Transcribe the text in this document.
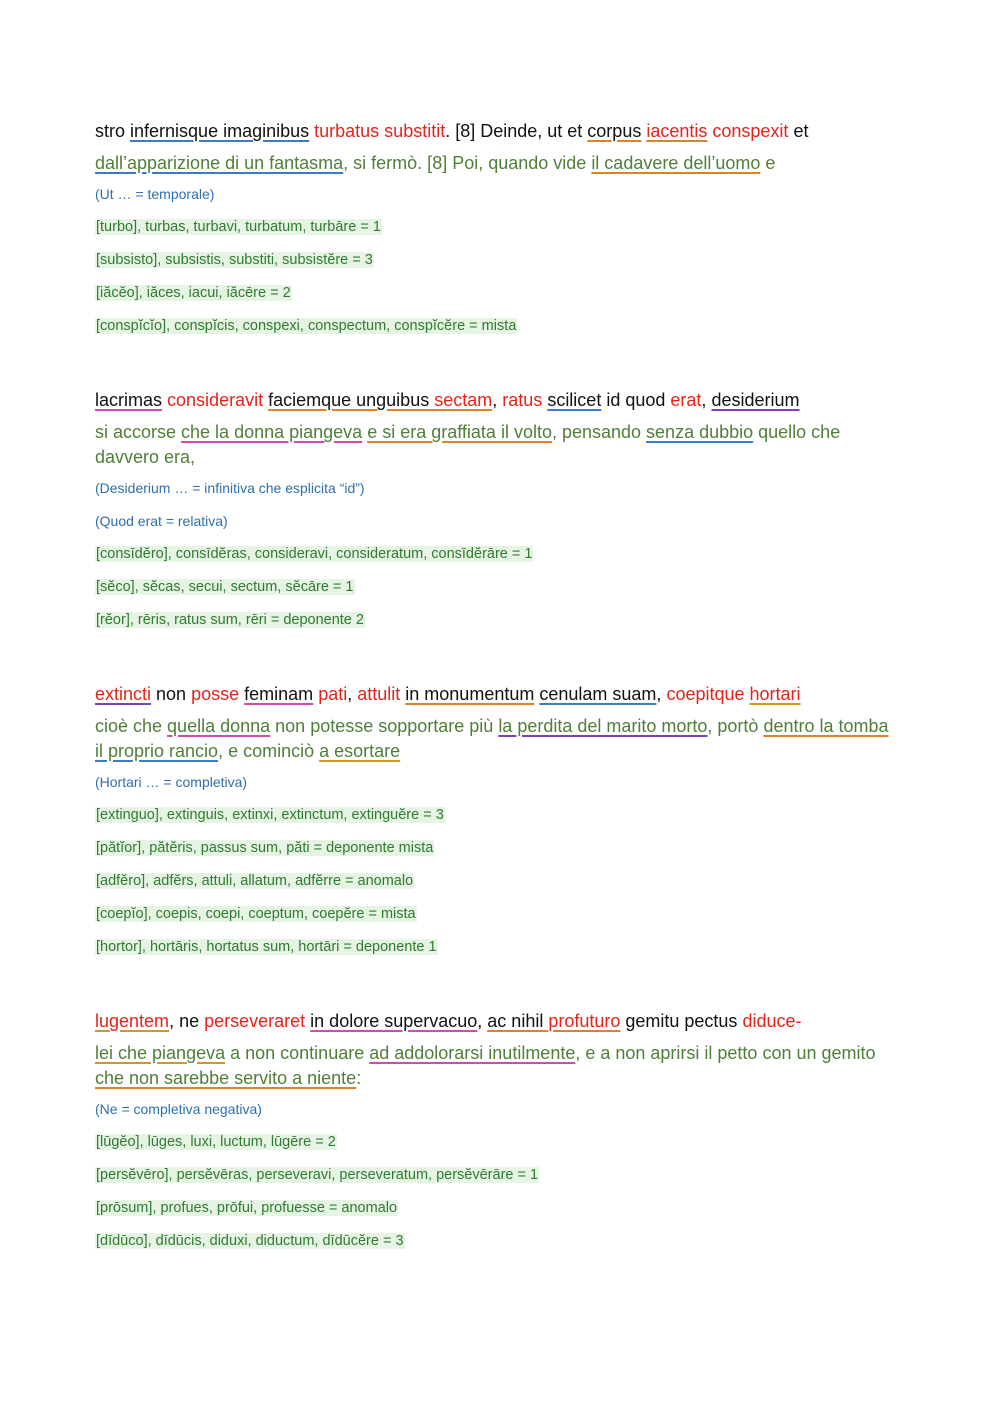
stro infernisque imaginibus turbatus substitit. [8] Deinde, ut et corpus iacentis conspexit et

dall’apparizione di un fantasma, si fermò. [8] Poi, quando vide il cadavere dell’uomo e

(Ut … = temporale)

[turbo], turbas, turbavi, turbatum, turbāre = 1

[subsisto], subsistis, substiti, subsistĕre = 3

[iăcĕo], iăces, iacui, iăcēre = 2

[conspĭcĭo], conspĭcis, conspexi, conspectum, conspĭcĕre = mista

lacrimas consideravit faciemque unguibus sectam, ratus scilicet id quod erat, desiderium

si accorse che la donna piangeva e si era graffiata il volto, pensando senza dubbio quello che davvero era,

(Desiderium … = infinitiva che esplicita “id”)

(Quod erat = relativa)

[consīdĕro], consīdĕras, consideravi, consideratum, consīdĕrāre = 1

[sĕco], sĕcas, secui, sectum, sĕcāre = 1

[rĕor], rēris, ratus sum, rēri = deponente 2

extincti non posse feminam pati, attulit in monumentum cenulam suam, coepitque hortari

cioè che quella donna non potesse sopportare più la perdita del marito morto, portò dentro la tomba il proprio rancio, e cominciò a esortare

(Hortari … = completiva)

[extinguo], extinguis, extinxi, extinctum, extinguĕre = 3

[pătĭor], pătĕris, passus sum, păti = deponente mista

[adfĕro], adfĕrs, attuli, allatum, adfĕrre = anomalo

[coepĭo], coepis, coepi, coeptum, coepĕre = mista

[hortor], hortāris, hortatus sum, hortāri = deponente 1

lugentem, ne perseveraret in dolore supervacuo, ac nihil profuturo gemitu pectus diduce-

lei che piangeva a non continuare ad addolorarsi inutilmente, e a non aprirsi il petto con un gemito che non sarebbe servito a niente:

(Ne = completiva negativa)

[lūgĕo], lūges, luxi, luctum, lūgēre = 2

[persĕvēro], persĕvēras, perseveravi, perseveratum, persĕvērāre = 1

[prōsum], profues, prōfui, profuesse = anomalo

[dīdūco], dīdūcis, diduxi, diductum, dīdūcĕre = 3
